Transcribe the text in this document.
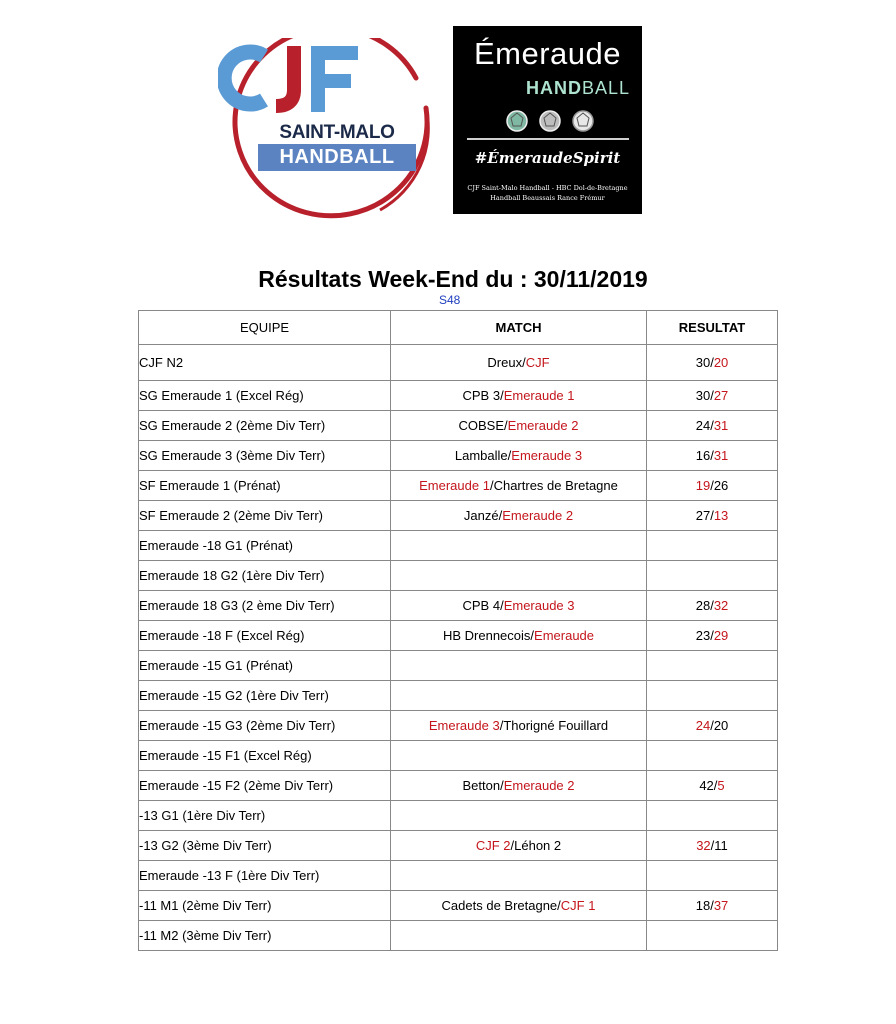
SAINT-MALO
HANDBALL
Émeraude
HANDBALL
#ÉmeraudeSpirit
CJF Saint-Malo Handball - HBC Dol-de-Bretagne
Handball Beaussais Rance Frémur
Résultats Week-End du : 30/11/2019
S48
EQUIPE	MATCH	RESULTAT
CJF N2	Dreux/CJF	30/20
SG Emeraude 1 (Excel Rég)	CPB 3/Emeraude 1	30/27
SG Emeraude 2 (2ème Div Terr)	COBSE/Emeraude 2	24/31
SG Emeraude 3 (3ème Div Terr)	Lamballe/Emeraude 3	16/31
SF Emeraude 1 (Prénat)	Emeraude 1/Chartres de Bretagne	19/26
SF Emeraude 2 (2ème Div Terr)	Janzé/Emeraude 2	27/13
Emeraude -18 G1 (Prénat)		
Emeraude 18 G2 (1ère Div Terr)		
Emeraude 18 G3 (2 ème Div Terr)	CPB 4/Emeraude 3	28/32
Emeraude -18 F (Excel Rég)	HB Drennecois/Emeraude	23/29
Emeraude -15 G1 (Prénat)		
Emeraude -15 G2 (1ère Div Terr)		
Emeraude -15 G3 (2ème Div Terr)	Emeraude 3/Thorigné Fouillard	24/20
Emeraude -15 F1 (Excel Rég)		
Emeraude -15 F2 (2ème Div Terr)	Betton/Emeraude 2	42/5
-13 G1 (1ère Div Terr)		
-13 G2 (3ème Div Terr)	CJF 2/Léhon 2	32/11
Emeraude -13 F (1ère Div Terr)		
-11 M1 (2ème Div Terr)	Cadets de Bretagne/CJF 1	18/37
-11 M2 (3ème Div Terr)		
